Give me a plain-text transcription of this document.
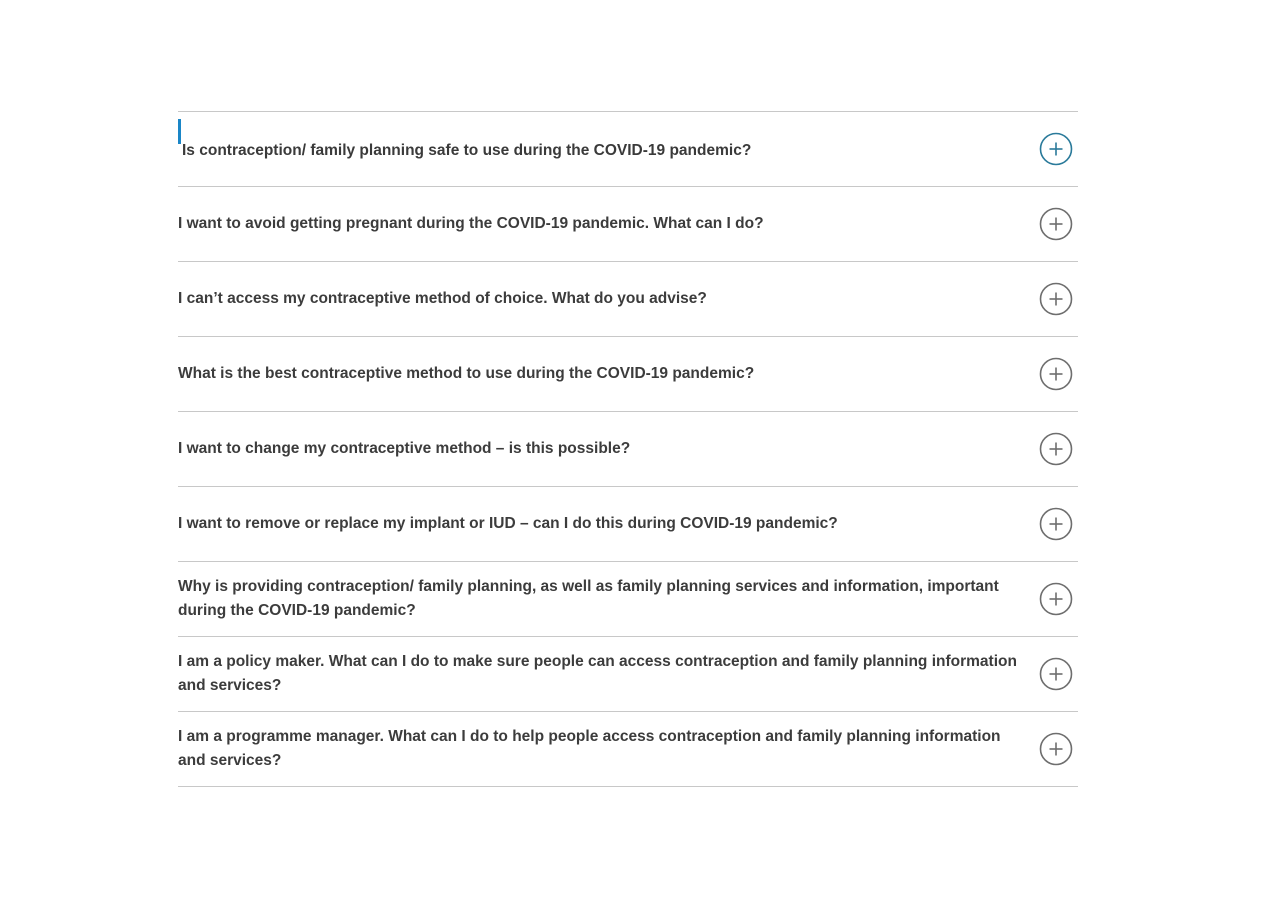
Is contraception/ family planning safe to use during the COVID-19 pandemic?
I want to avoid getting pregnant during the COVID-19 pandemic. What can I do?
I can’t access my contraceptive method of choice. What do you advise?
What is the best contraceptive method to use during the COVID-19 pandemic?
I want to change my contraceptive method – is this possible?
I want to remove or replace my implant or IUD – can I do this during COVID-19 pandemic?
Why is providing contraception/ family planning, as well as family planning services and information, important during the COVID-19 pandemic?
I am a policy maker. What can I do to make sure people can access contraception and family planning information and services?
I am a programme manager. What can I do to help people access contraception and family planning information and services?
